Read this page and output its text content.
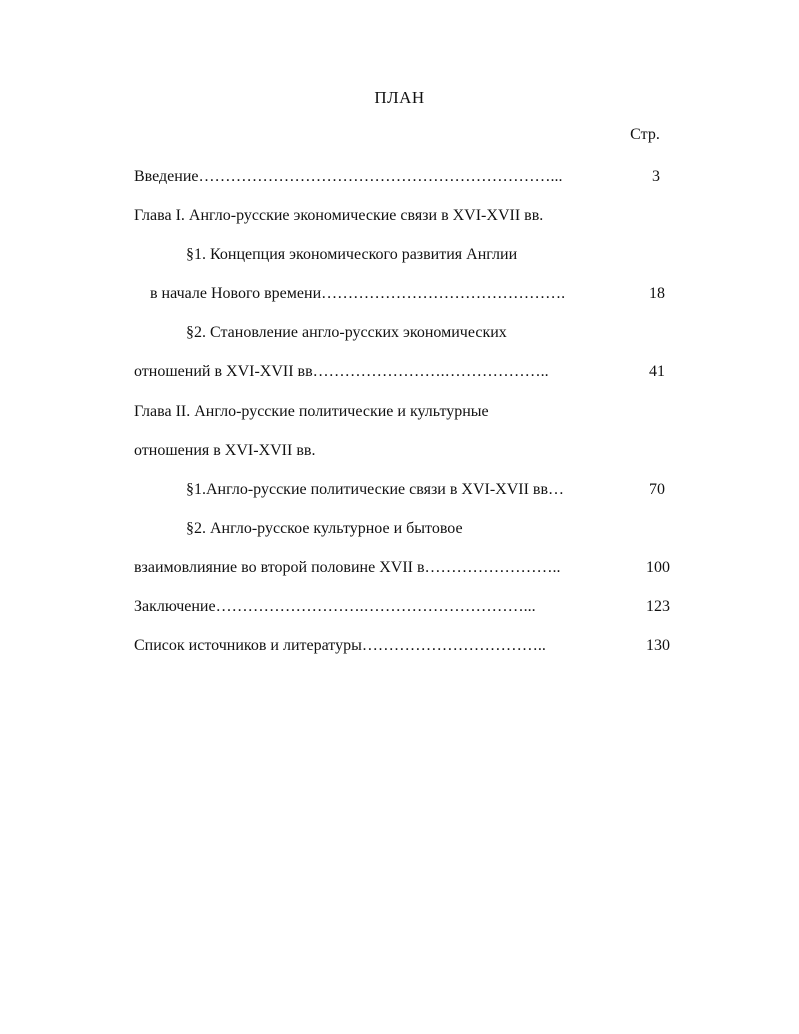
ПЛАН
Стр.
Введение…………………………………………………………...	3
Глава I. Англо-русские экономические связи в XVI-XVII вв.
§1. Концепция экономического развития Англии
в начале Нового времени……………………………………….	18
§2. Становление англо-русских экономических
отношений в XVI-XVII вв…………………….………………..	41
Глава II. Англо-русские политические и культурные
отношения в XVI-XVII вв.
§1.Англо-русские политические связи в XVI-XVII вв…	70
§2. Англо-русское культурное и бытовое
взаимовлияние во второй половине XVII в……………………..	100
Заключение……………………….…………………………...	123
Список источников и литературы……………………………..	130
